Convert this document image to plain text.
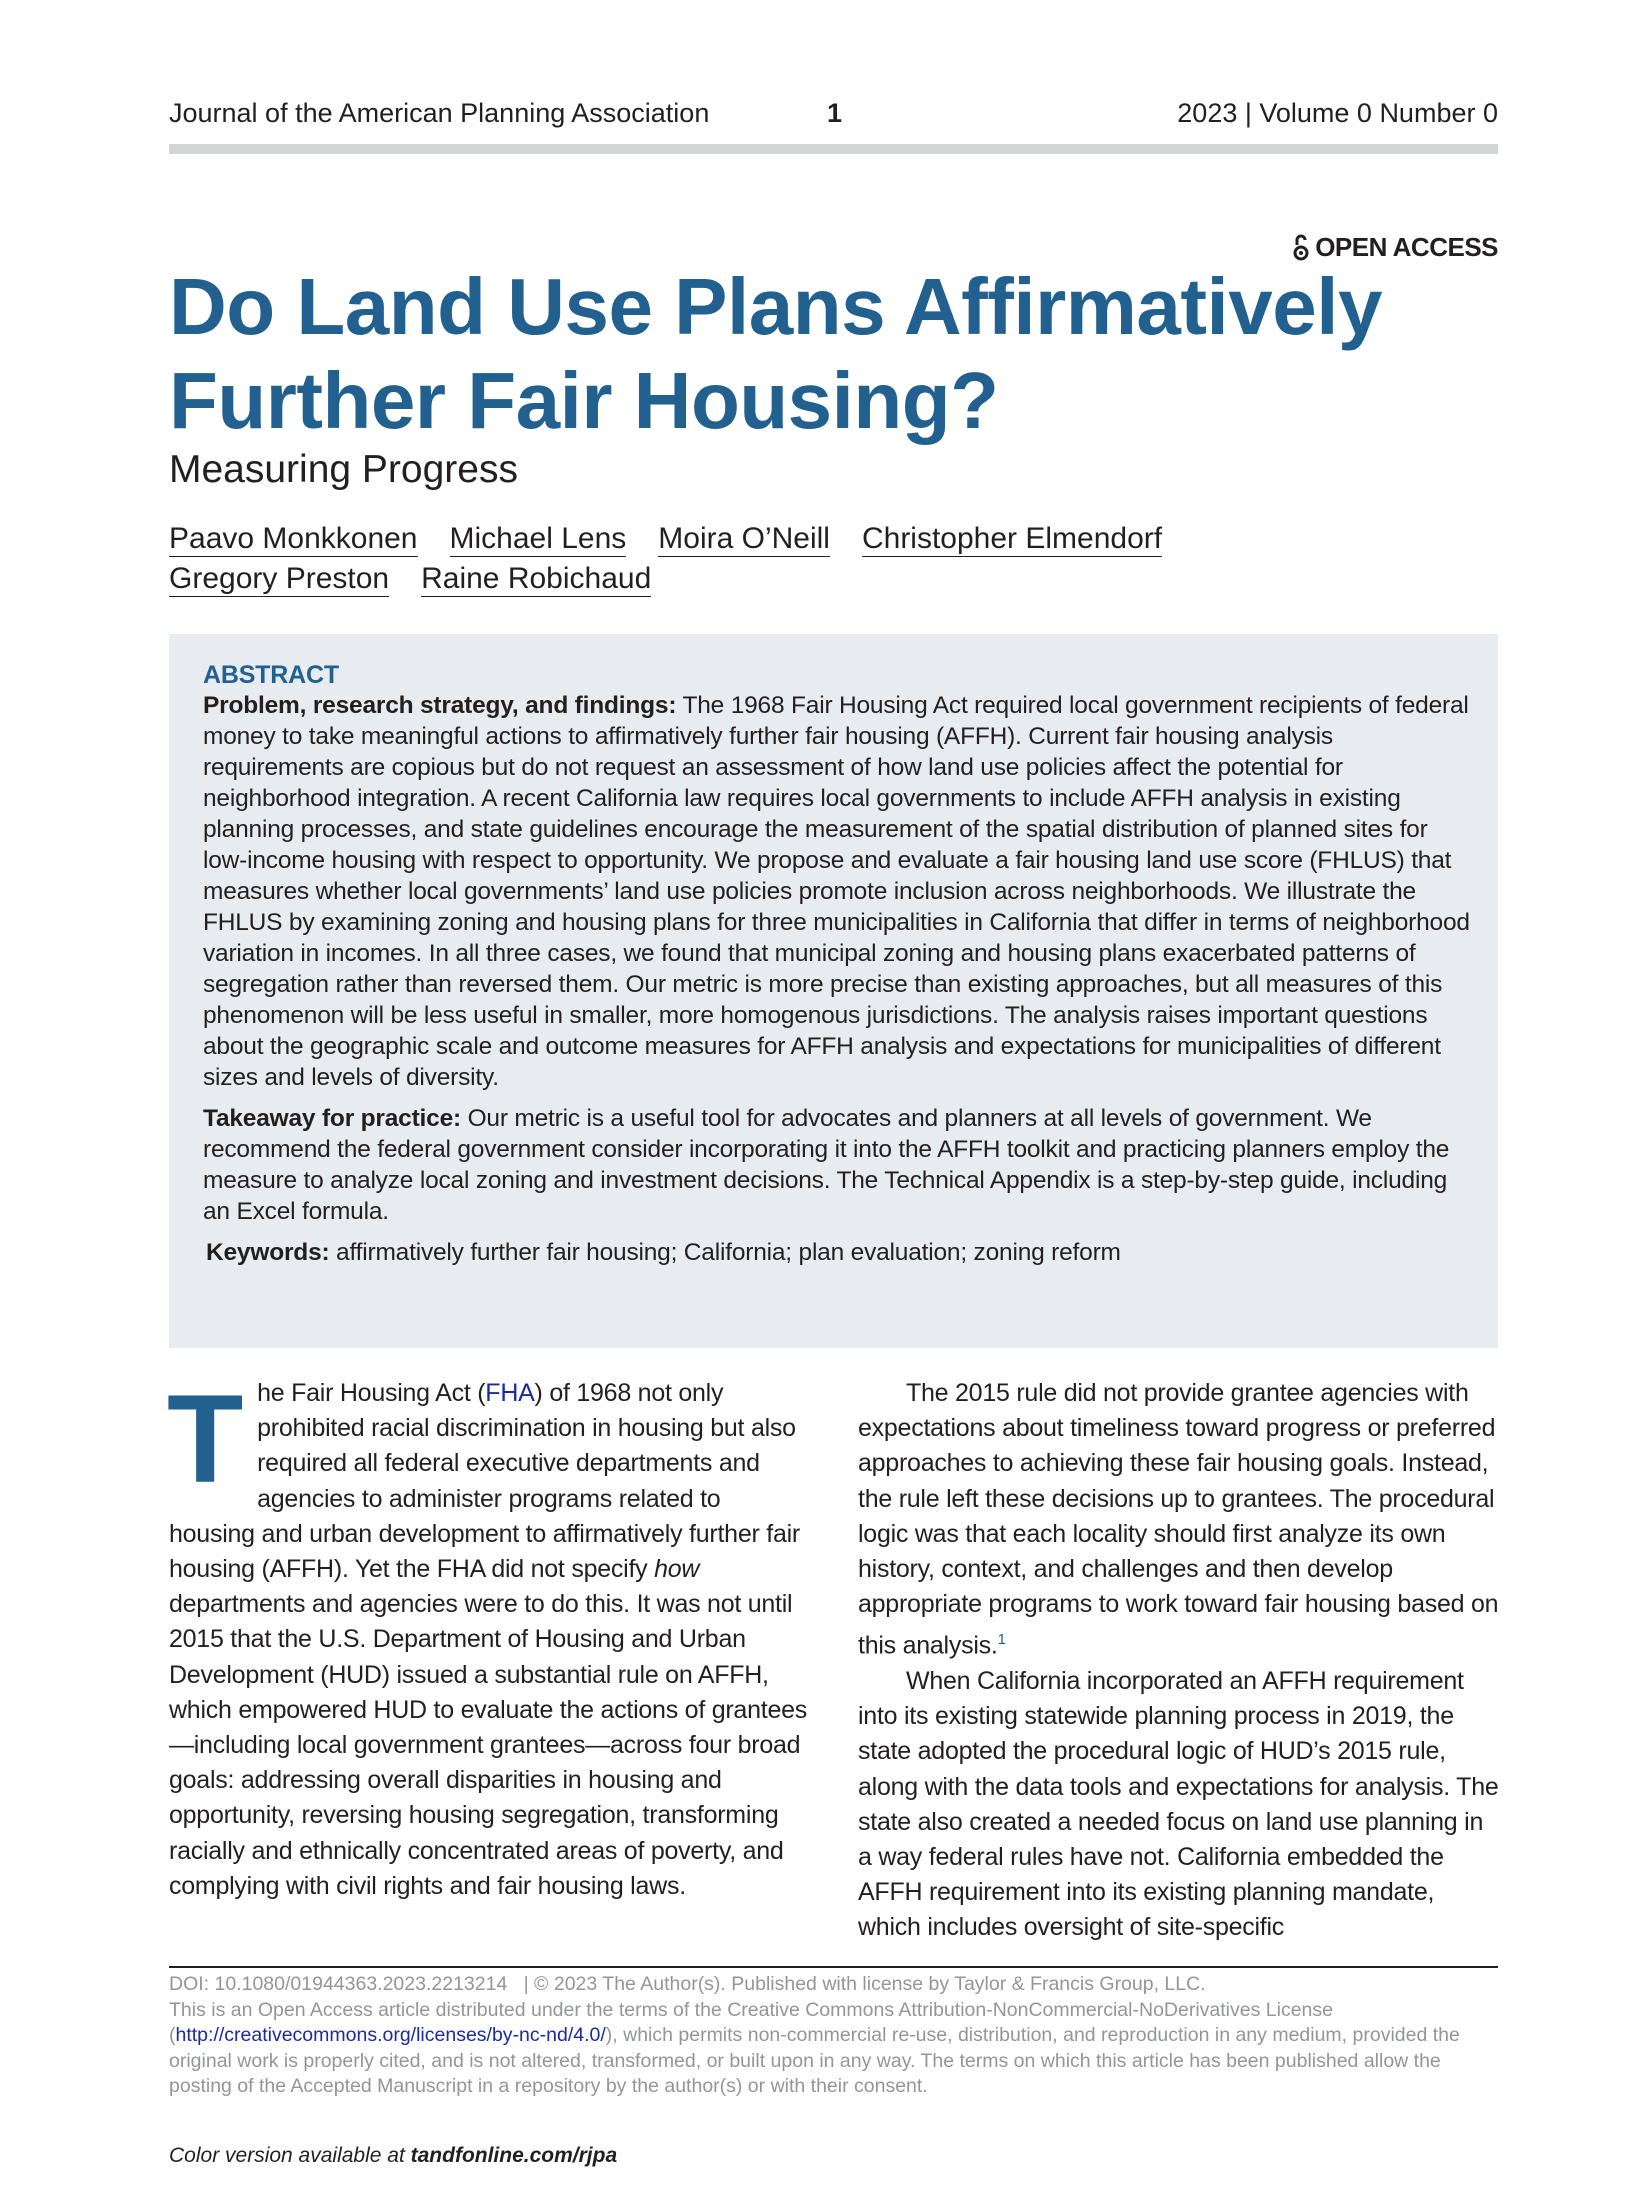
Journal of the American Planning Association	1	2023 | Volume 0 Number 0
OPEN ACCESS
Do Land Use Plans Affirmatively Further Fair Housing?
Measuring Progress
Paavo Monkkonen Michael Lens Moira O’Neill Christopher Elmendorf
Gregory Preston Raine Robichaud
ABSTRACT

Problem, research strategy, and findings: The 1968 Fair Housing Act required local government recipients of federal money to take meaningful actions to affirmatively further fair housing (AFFH). Current fair housing analysis requirements are copious but do not request an assessment of how land use policies affect the potential for neighborhood integration. A recent California law requires local governments to include AFFH analysis in existing planning processes, and state guidelines encourage the measurement of the spatial distribution of planned sites for low-income housing with respect to opportunity. We propose and evaluate a fair housing land use score (FHLUS) that measures whether local governments’ land use policies promote inclusion across neighborhoods. We illustrate the FHLUS by examining zoning and housing plans for three municipalities in California that differ in terms of neighborhood variation in incomes. In all three cases, we found that municipal zoning and housing plans exacerbated patterns of segregation rather than reversed them. Our metric is more precise than existing approaches, but all measures of this phenomenon will be less useful in smaller, more homogenous jurisdictions. The analysis raises important questions about the geographic scale and outcome measures for AFFH analysis and expectations for municipalities of different sizes and levels of diversity.

Takeaway for practice: Our metric is a useful tool for advocates and planners at all levels of government. We recommend the federal government consider incorporating it into the AFFH toolkit and practicing planners employ the measure to analyze local zoning and investment decisions. The Technical Appendix is a step-by-step guide, including an Excel formula.

Keywords: affirmatively further fair housing; California; plan evaluation; zoning reform

The Fair Housing Act (FHA) of 1968 not only prohibited racial discrimination in housing but also required all federal executive departments and agencies to administer programs related to housing and urban development to affirmatively further fair housing (AFFH). Yet the FHA did not specify how departments and agencies were to do this. It was not until 2015 that the U.S. Department of Housing and Urban Development (HUD) issued a substantial rule on AFFH, which empowered HUD to evaluate the actions of grantees—including local government grantees—across four broad goals: addressing overall disparities in housing and opportunity, reversing housing segregation, transforming racially and ethnically concentrated areas of poverty, and complying with civil rights and fair housing laws.

The 2015 rule did not provide grantee agencies with expectations about timeliness toward progress or preferred approaches to achieving these fair housing goals. Instead, the rule left these decisions up to grantees. The procedural logic was that each locality should first analyze its own history, context, and challenges and then develop appropriate programs to work toward fair housing based on this analysis.$^1$

When California incorporated an AFFH requirement into its existing statewide planning process in 2019, the state adopted the procedural logic of HUD’s 2015 rule, along with the data tools and expectations for analysis. The state also created a needed focus on land use planning in a way federal rules have not. California embedded the AFFH requirement into its existing planning mandate, which includes oversight of site-specific

DOI: 10.1080/01944363.2023.2213214 | © 2023 The Author(s). Published with license by Taylor & Francis Group, LLC.
This is an Open Access article distributed under the terms of the Creative Commons Attribution-NonCommercial-NoDerivatives License (http://creativecommons.org/licenses/by-nc-nd/4.0/), which permits non-commercial re-use, distribution, and reproduction in any medium, provided the original work is properly cited, and is not altered, transformed, or built upon in any way. The terms on which this article has been published allow the posting of the Accepted Manuscript in a repository by the author(s) or with their consent.
Color version available at tandfonline.com/rjpa
